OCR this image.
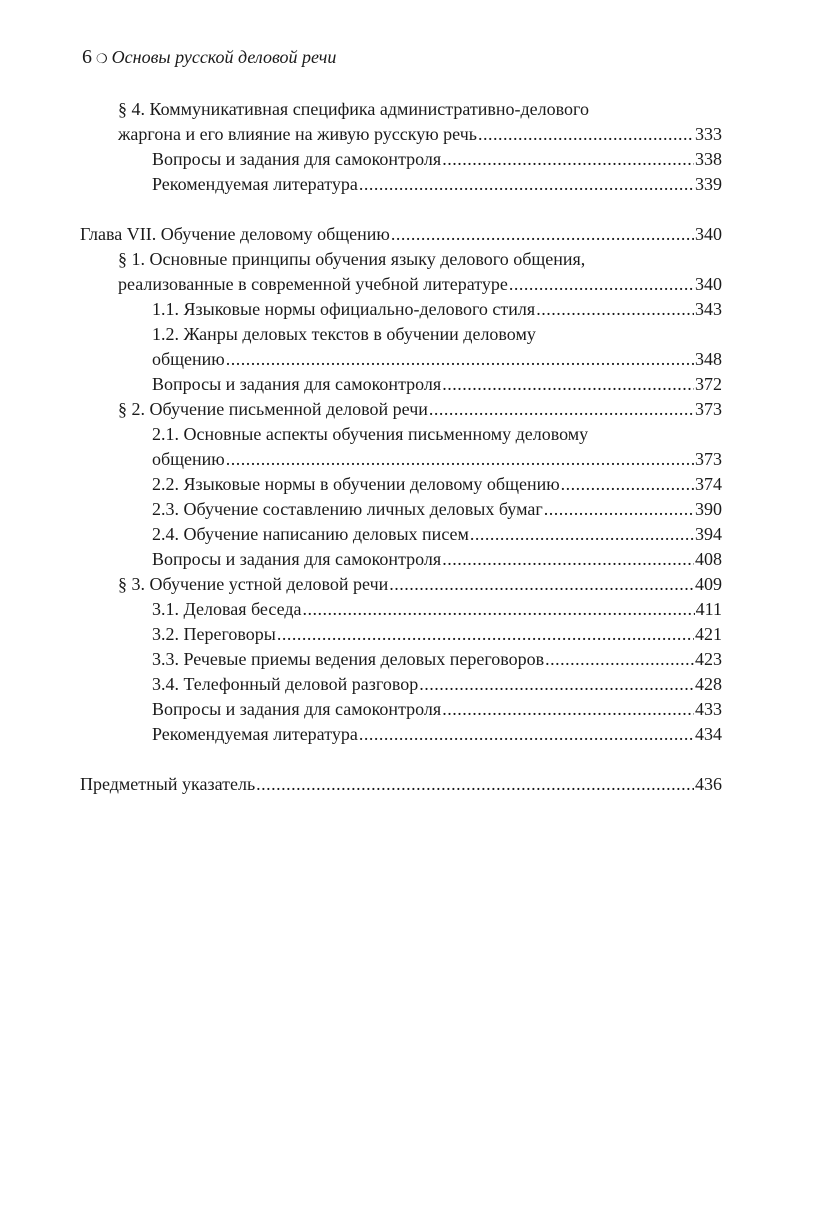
6 ❍ Основы русской деловой речи
§ 4. Коммуникативная специфика административно-делового
жаргона и его влияние на живую русскую речь .....	333
Вопросы и задания для самоконтроля .....	338
Рекомендуемая литература .....	339
Глава VII. Обучение деловому общению .....	340
§ 1. Основные принципы обучения языку делового общения,
реализованные в современной учебной литературе .....	340
1.1. Языковые нормы официально-делового стиля .....	343
1.2. Жанры деловых текстов в обучении деловому
общению .....	348
Вопросы и задания для самоконтроля .....	372
§ 2. Обучение письменной деловой речи .....	373
2.1. Основные аспекты обучения письменному деловому
общению .....	373
2.2. Языковые нормы в обучении деловому общению .....	374
2.3. Обучение составлению личных деловых бумаг .....	390
2.4. Обучение написанию деловых писем .....	394
Вопросы и задания для самоконтроля .....	408
§ 3. Обучение устной деловой речи .....	409
3.1. Деловая беседа .....	411
3.2. Переговоры .....	421
3.3. Речевые приемы ведения деловых переговоров .....	423
3.4. Телефонный деловой разговор .....	428
Вопросы и задания для самоконтроля .....	433
Рекомендуемая литература .....	434
Предметный указатель .....	436
